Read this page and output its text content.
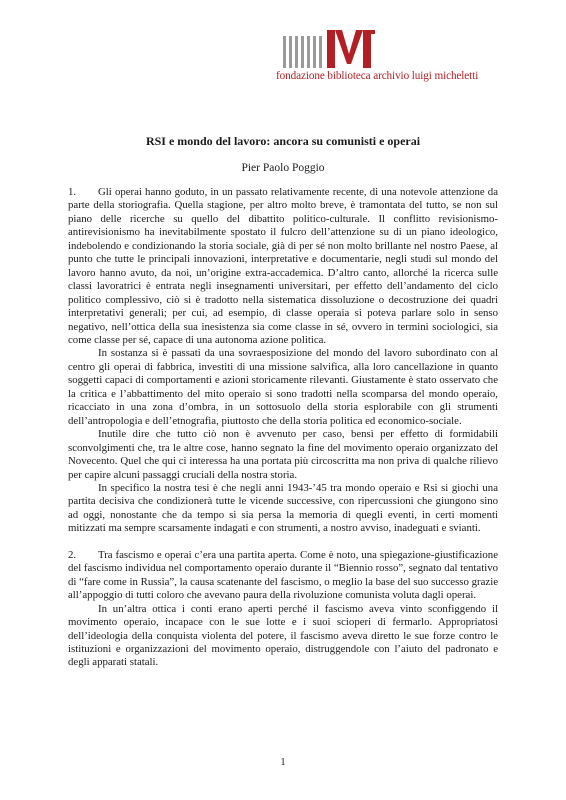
fondazione biblioteca archivio luigi micheletti
RSI e mondo del lavoro: ancora su comunisti e operai
Pier Paolo Poggio

1. Gli operai hanno goduto, in un passato relativamente recente, di una notevole attenzione da parte della storiografia. Quella stagione, per altro molto breve, è tramontata del tutto, se non sul piano delle ricerche su quello del dibattito politico-culturale. Il conflitto revisionismo-antirevisionismo ha inevitabilmente spostato il fulcro dell’attenzione su di un piano ideologico, indebolendo e condizionando la storia sociale, già di per sé non molto brillante nel nostro Paese, al punto che tutte le principali innovazioni, interpretative e documentarie, negli studi sul mondo del lavoro hanno avuto, da noi, un’origine extra-accademica. D’altro canto, allorché la ricerca sulle classi lavoratrici è entrata negli insegnamenti universitari, per effetto dell’andamento del ciclo politico complessivo, ciò si è tradotto nella sistematica dissoluzione o decostruzione dei quadri interpretativi generali; per cui, ad esempio, di classe operaia si poteva parlare solo in senso negativo, nell’ottica della sua inesistenza sia come classe in sé, ovvero in termini sociologici, sia come classe per sé, capace di una autonoma azione politica.

In sostanza si è passati da una sovraesposizione del mondo del lavoro subordinato con al centro gli operai di fabbrica, investiti di una missione salvifica, alla loro cancellazione in quanto soggetti capaci di comportamenti e azioni storicamente rilevanti. Giustamente è stato osservato che la critica e l’abbattimento del mito operaio si sono tradotti nella scomparsa del mondo operaio, ricacciato in una zona d’ombra, in un sottosuolo della storia esplorabile con gli strumenti dell’antropologia e dell’etnografia, piuttosto che della storia politica ed economico-sociale.

Inutile dire che tutto ciò non è avvenuto per caso, bensì per effetto di formidabili sconvolgimenti che, tra le altre cose, hanno segnato la fine del movimento operaio organizzato del Novecento. Quel che qui ci interessa ha una portata più circoscritta ma non priva di qualche rilievo per capire alcuni passaggi cruciali della nostra storia.

In specifico la nostra tesi è che negli anni 1943-’45 tra mondo operaio e Rsi si giochi una partita decisiva che condizionerà tutte le vicende successive, con ripercussioni che giungono sino ad oggi, nonostante che da tempo si sia persa la memoria di quegli eventi, in certi momenti mitizzati ma sempre scarsamente indagati e con strumenti, a nostro avviso, inadeguati e svianti.

2. Tra fascismo e operai c’era una partita aperta. Come è noto, una spiegazione-giustificazione del fascismo individua nel comportamento operaio durante il “Biennio rosso”, segnato dal tentativo di “fare come in Russia”, la causa scatenante del fascismo, o meglio la base del suo successo grazie all’appoggio di tutti coloro che avevano paura della rivoluzione comunista voluta dagli operai.

In un’altra ottica i conti erano aperti perché il fascismo aveva vinto sconfiggendo il movimento operaio, incapace con le sue lotte e i suoi scioperi di fermarlo. Appropriatosi dell’ideologia della conquista violenta del potere, il fascismo aveva diretto le sue forze contro le istituzioni e organizzazioni del movimento operaio, distruggendole con l’aiuto del padronato e degli apparati statali.

1
